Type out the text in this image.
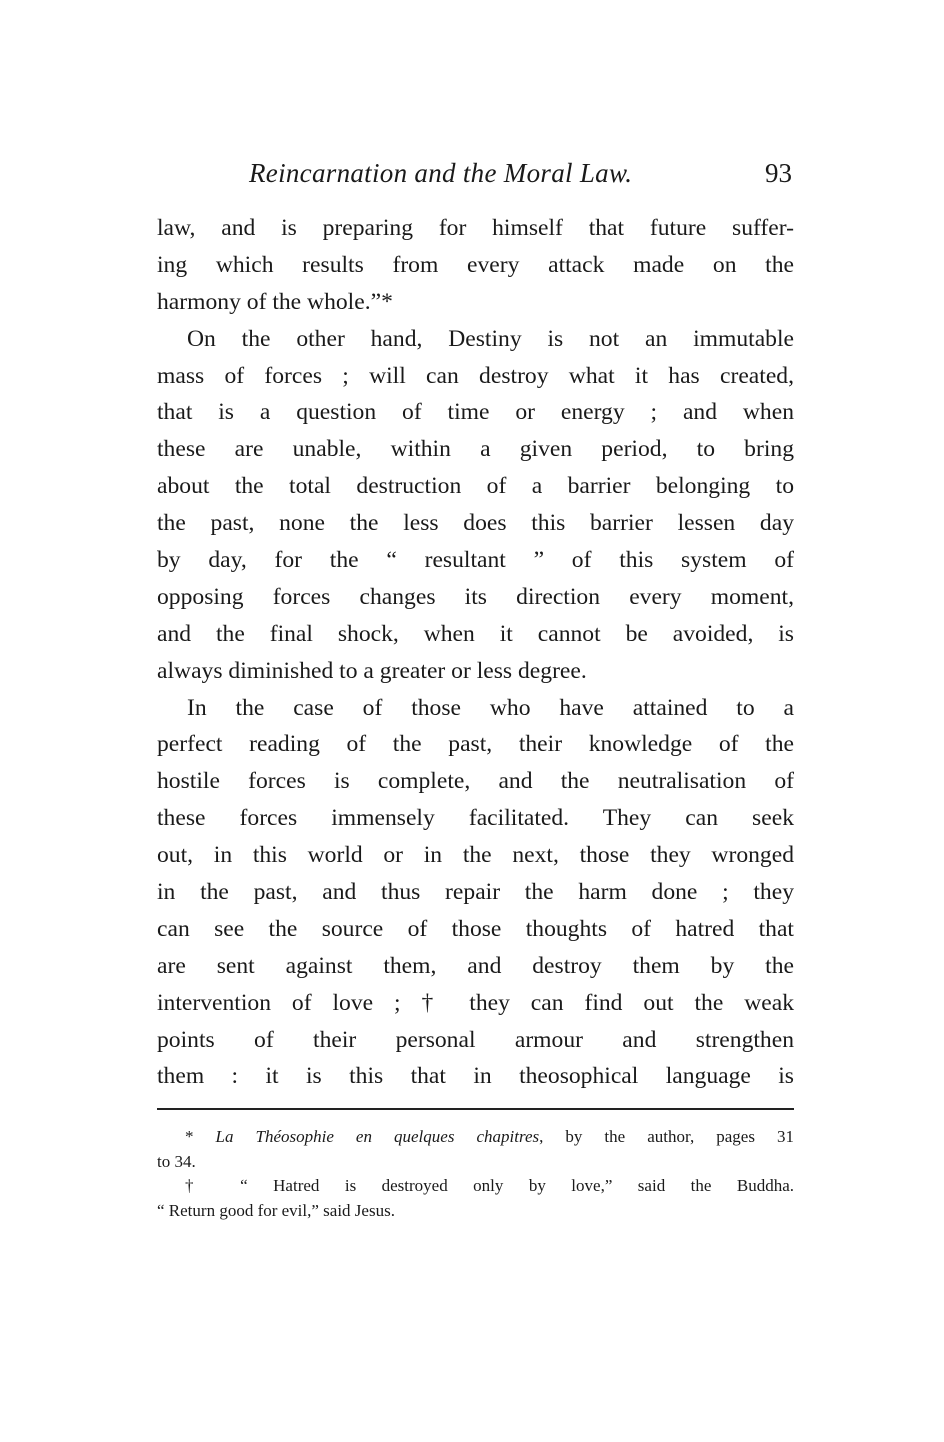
Reincarnation and the Moral Law.	93
law, and is preparing for himself that future suffer-
ing which results from every attack made on the
harmony of the whole.”*
On the other hand, Destiny is not an immutable
mass of forces ; will can destroy what it has created,
that is a question of time or energy ; and when
these are unable, within a given period, to bring
about the total destruction of a barrier belonging to
the past, none the less does this barrier lessen day
by day, for the “ resultant ” of this system of
opposing forces changes its direction every moment,
and the final shock, when it cannot be avoided, is
always diminished to a greater or less degree.
In the case of those who have attained to a
perfect reading of the past, their knowledge of the
hostile forces is complete, and the neutralisation of
these forces immensely facilitated. They can seek
out, in this world or in the next, those they wronged
in the past, and thus repair the harm done ; they
can see the source of those thoughts of hatred that
are sent against them, and destroy them by the
intervention of love ; † they can find out the weak
points of their personal armour and strengthen
them : it is this that in theosophical language is
* La Théosophie en quelques chapitres, by the author, pages 31
to 34.
† “ Hatred is destroyed only by love,” said the Buddha.
“ Return good for evil,” said Jesus.
